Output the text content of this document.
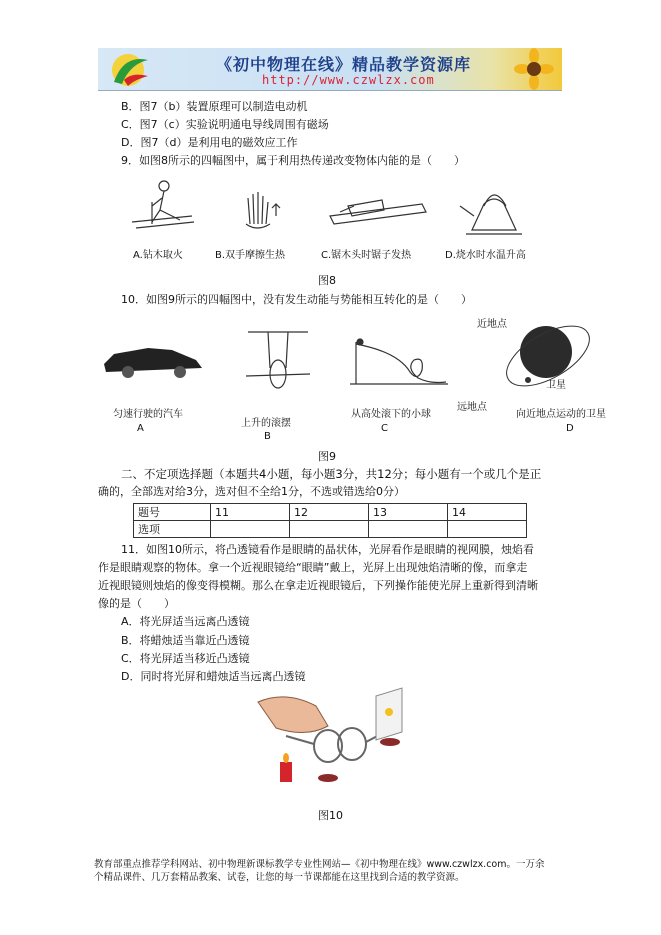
《初中物理在线》精品教学资源库
http://www.czwlzx.com
B．图7（b）装置原理可以制造电动机
C．图7（c）实验说明通电导线周围有磁场
D．图7（d）是利用电的磁效应工作
9．如图8所示的四幅图中，属于利用热传递改变物体内能的是（　　）
A.钻木取火	B.双手摩擦生热	C.锯木头时锯子发热	D.烧水时水温升高
图8
10．如图9所示的四幅图中，没有发生动能与势能相互转化的是（　　）
近地点
卫星
远地点
匀速行驶的汽车
上升的滚摆
从高处滚下的小球	向近地点运动的卫星
A
B
C	D
图9
二、不定项选择题（本题共4小题，每小题3分，共12分；每小题有一个或几个是正
确的，全部选对给3分，选对但不全给1分，不选或错选给0分）
题号	11	12	13	14
选项				
11．如图10所示，将凸透镜看作是眼睛的晶状体，光屏看作是眼睛的视网膜，烛焰看
作是眼睛观察的物体。拿一个近视眼镜给“眼睛”戴上，光屏上出现烛焰清晰的像，而拿走
近视眼镜则烛焰的像变得模糊。那么在拿走近视眼镜后，下列操作能使光屏上重新得到清晰
像的是（　　）
A．将光屏适当远离凸透镜
B．将蜡烛适当靠近凸透镜
C．将光屏适当移近凸透镜
D．同时将光屏和蜡烛适当远离凸透镜
图10
教育部重点推荐学科网站、初中物理新课标教学专业性网站—《初中物理在线》www.czwlzx.com。一万余
个精品课件、几万套精品教案、试卷，让您的每一节课都能在这里找到合适的教学资源。
